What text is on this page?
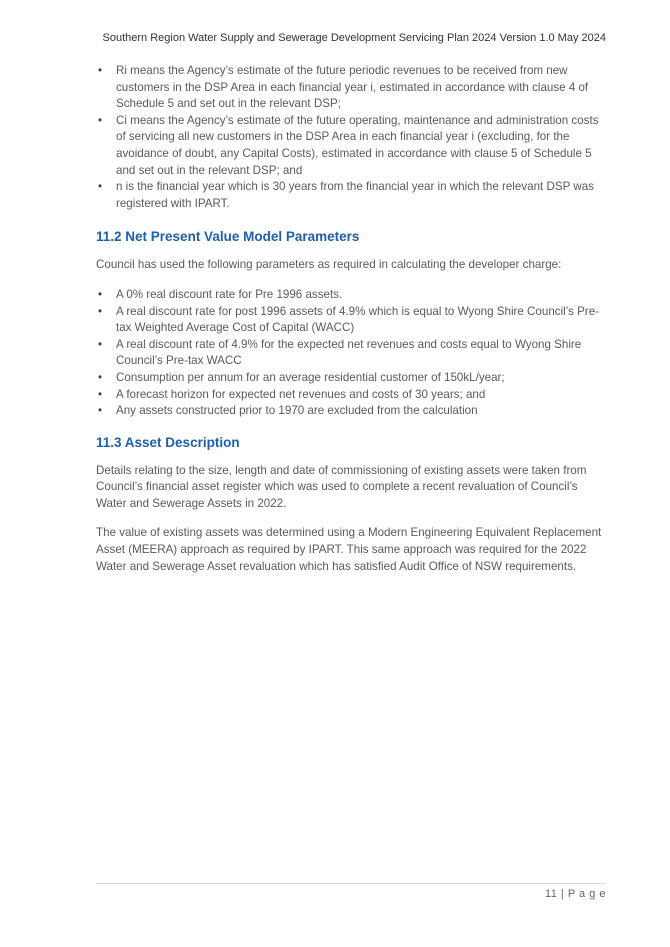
Southern Region Water Supply and Sewerage Development Servicing Plan 2024 Version 1.0 May 2024
• Ri means the Agency’s estimate of the future periodic revenues to be received from new customers in the DSP Area in each financial year i, estimated in accordance with clause 4 of Schedule 5 and set out in the relevant DSP;
• Ci means the Agency’s estimate of the future operating, maintenance and administration costs of servicing all new customers in the DSP Area in each financial year i (excluding, for the avoidance of doubt, any Capital Costs), estimated in accordance with clause 5 of Schedule 5 and set out in the relevant DSP; and
• n is the financial year which is 30 years from the financial year in which the relevant DSP was registered with IPART.
11.2 Net Present Value Model Parameters

Council has used the following parameters as required in calculating the developer charge:

• A 0% real discount rate for Pre 1996 assets.
• A real discount rate for post 1996 assets of 4.9% which is equal to Wyong Shire Council’s Pre-tax Weighted Average Cost of Capital (WACC)
• A real discount rate of 4.9% for the expected net revenues and costs equal to Wyong Shire Council’s Pre-tax WACC
• Consumption per annum for an average residential customer of 150kL/year;
• A forecast horizon for expected net revenues and costs of 30 years; and
• Any assets constructed prior to 1970 are excluded from the calculation
11.3 Asset Description

Details relating to the size, length and date of commissioning of existing assets were taken from Council’s financial asset register which was used to complete a recent revaluation of Council’s Water and Sewerage Assets in 2022.

The value of existing assets was determined using a Modern Engineering Equivalent Replacement Asset (MEERA) approach as required by IPART. This same approach was required for the 2022 Water and Sewerage Asset revaluation which has satisfied Audit Office of NSW requirements.

11 | P a g e
